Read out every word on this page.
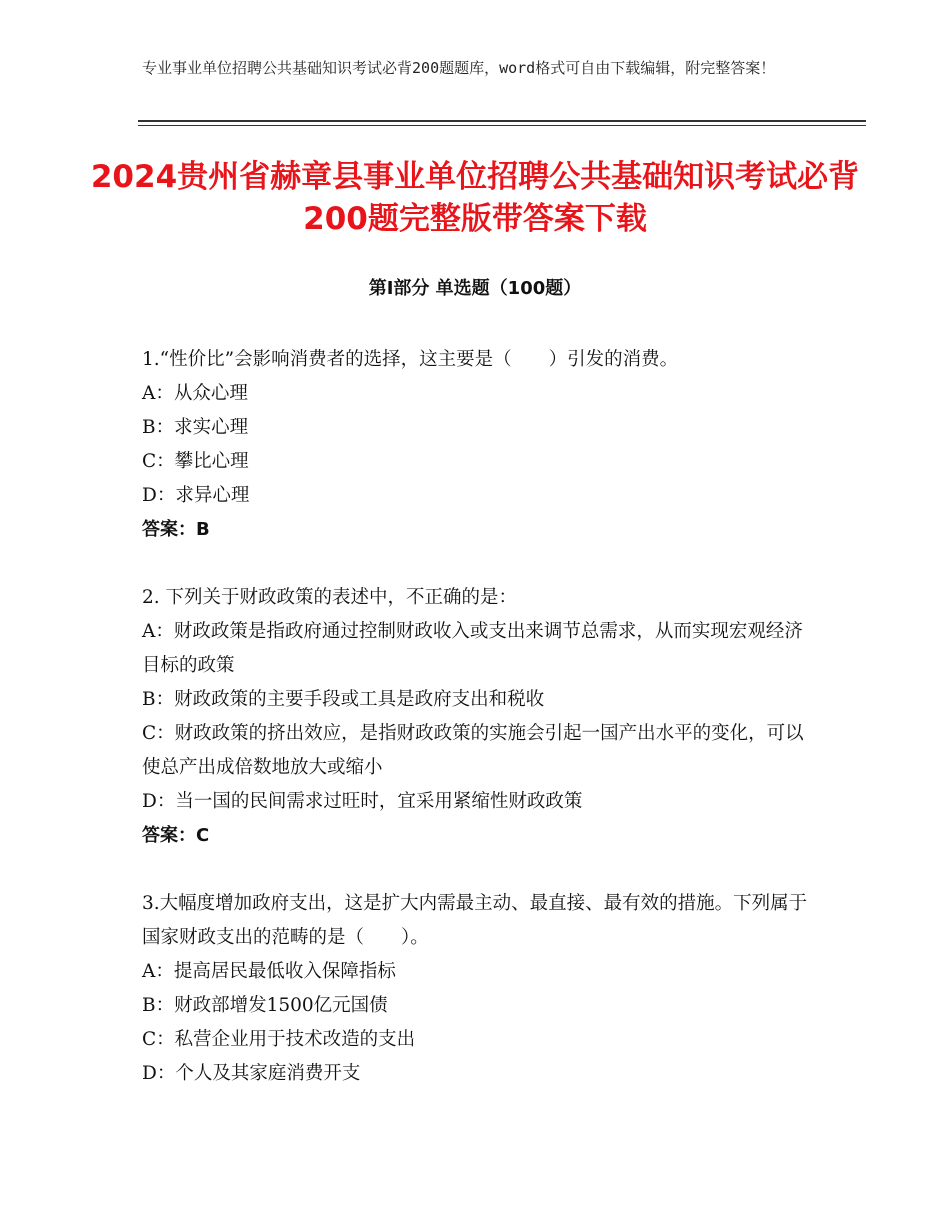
专业事业单位招聘公共基础知识考试必背200题题库，word格式可自由下载编辑，附完整答案！
2024贵州省赫章县事业单位招聘公共基础知识考试必背200题完整版带答案下载
第Ⅰ部分 单选题（100题）
1.“性价比”会影响消费者的选择，这主要是（　　）引发的消费。
A：从众心理
B：求实心理
C：攀比心理
D：求异心理
答案：B
2. 下列关于财政政策的表述中，不正确的是：
A：财政政策是指政府通过控制财政收入或支出来调节总需求，从而实现宏观经济目标的政策
B：财政政策的主要手段或工具是政府支出和税收
C：财政政策的挤出效应，是指财政政策的实施会引起一国产出水平的变化，可以使总产出成倍数地放大或缩小
D：当一国的民间需求过旺时，宜采用紧缩性财政政策
答案：C
3.大幅度增加政府支出，这是扩大内需最主动、最直接、最有效的措施。下列属于国家财政支出的范畴的是（　　）。
A：提高居民最低收入保障指标
B：财政部增发1500亿元国债
C：私营企业用于技术改造的支出
D：个人及其家庭消费开支
